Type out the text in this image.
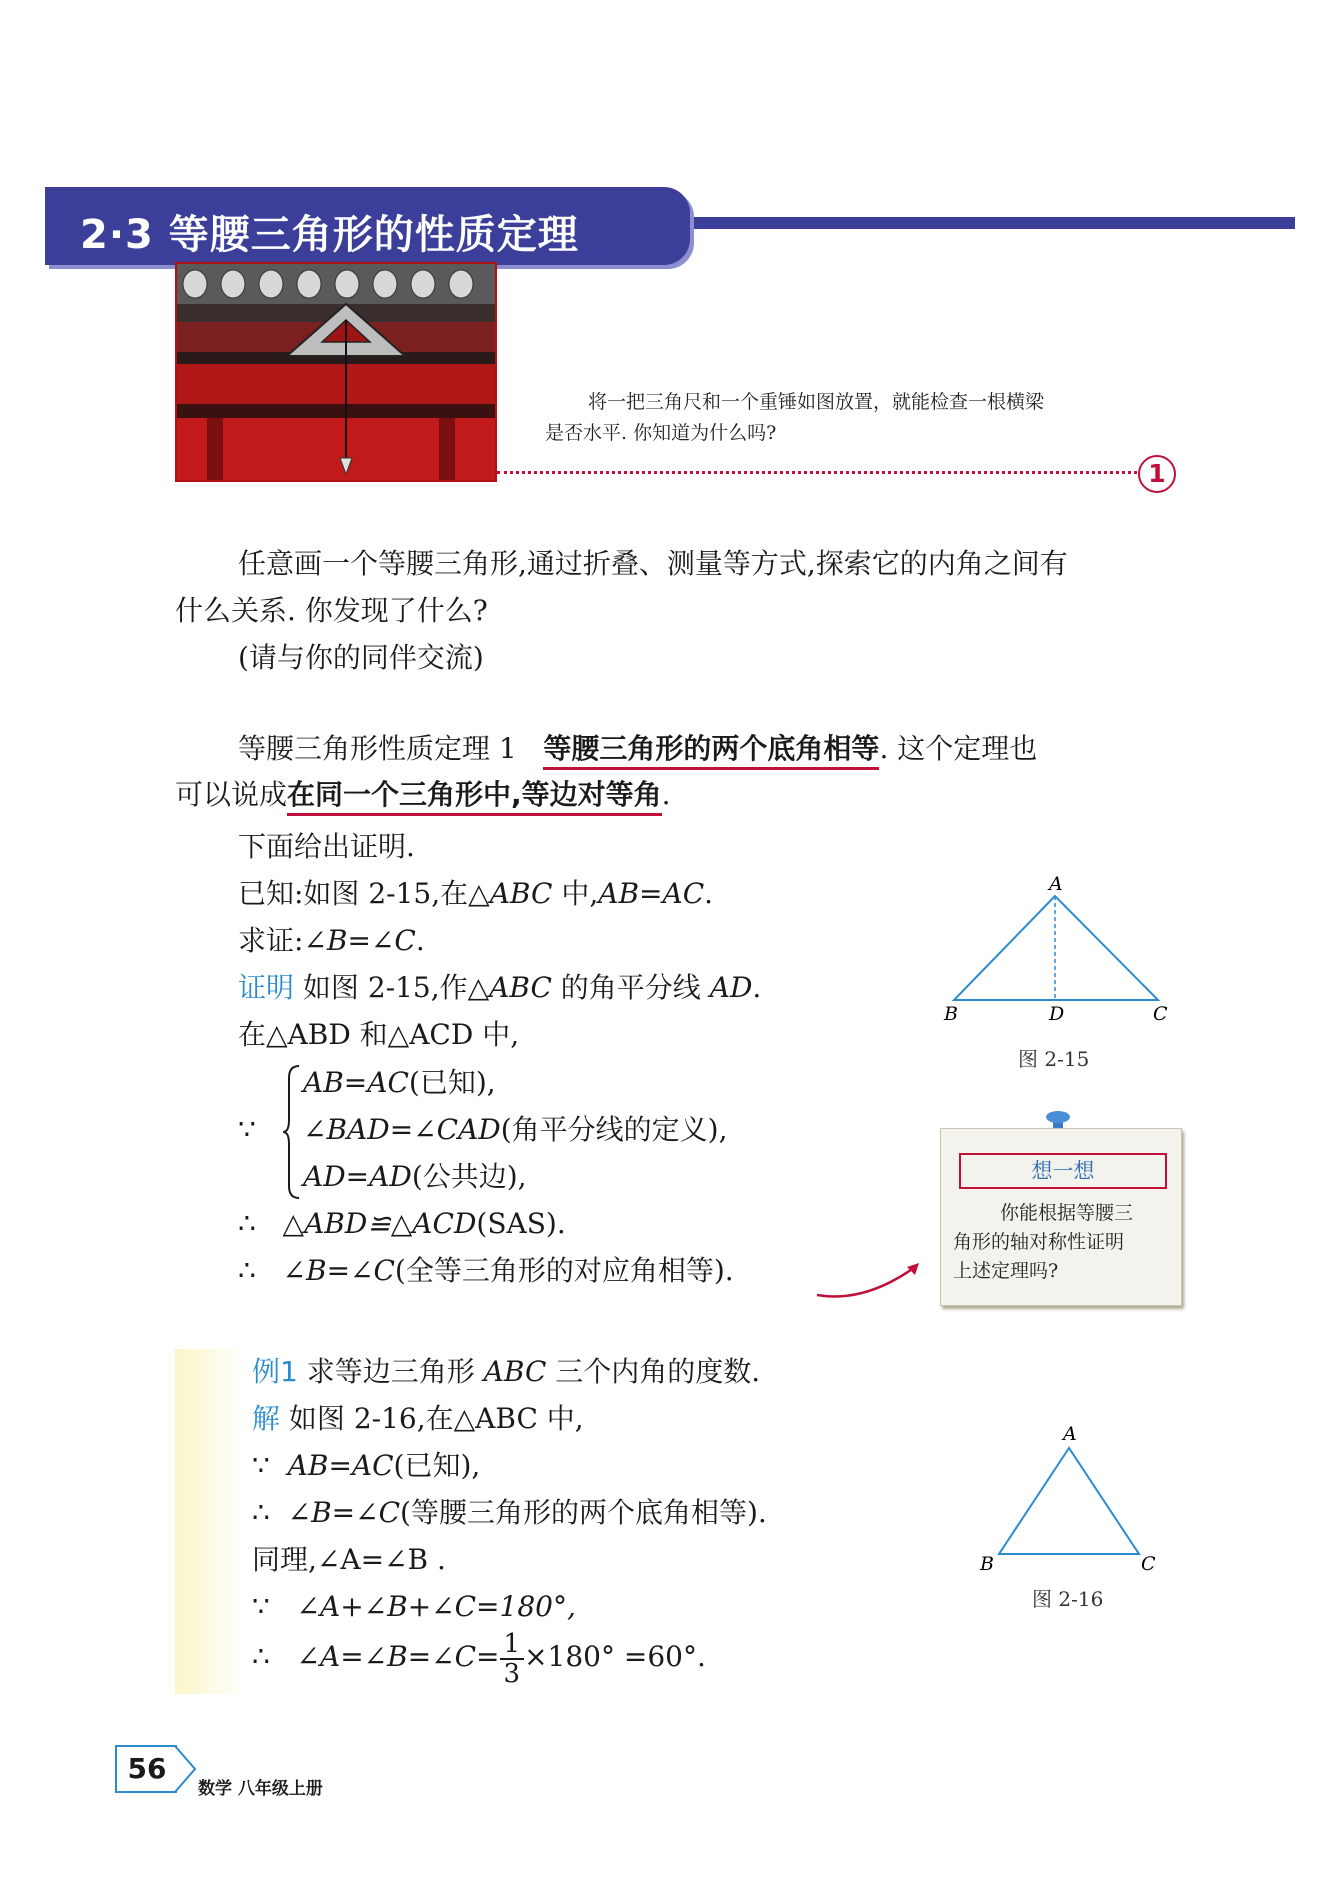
2·3 等腰三角形的性质定理

将一把三角尺和一个重锤如图放置，就能检查一根横梁

是否水平. 你知道为什么吗?

1
任意画一个等腰三角形,通过折叠、测量等方式,探索它的内角之间有
什么关系. 你发现了什么?
(请与你的同伴交流)
等腰三角形性质定理 1 等腰三角形的两个底角相等. 这个定理也
可以说成在同一个三角形中,等边对等角.
下面给出证明.
已知:如图 2-15,在△ABC 中,AB=AC.
求证:∠B=∠C.
证明 如图 2-15,作△ABC 的角平分线 AD.
在△ABD 和△ACD 中,
∵
AB=AC(已知),
∠BAD=∠CAD(角平分线的定义),
AD=AD(公共边),
∴ △ABD≌△ACD(SAS).
∴ ∠B=∠C(全等三角形的对应角相等).
A
B	D	C
图 2-15
想一想
你能根据等腰三
角形的轴对称性证明
上述定理吗?
例1 求等边三角形 ABC 三个内角的度数.
解 如图 2-16,在△ABC 中,
∵ AB=AC(已知),
∴ ∠B=∠C(等腰三角形的两个底角相等).
同理,∠A=∠B .
∵ ∠A+∠B+∠C=180°,
∴ ∠A=∠B=∠C= $\frac{1}{3} \times 180^\circ =60^\circ$.
A
B	C
图 2-16
56
数学 八年级上册
